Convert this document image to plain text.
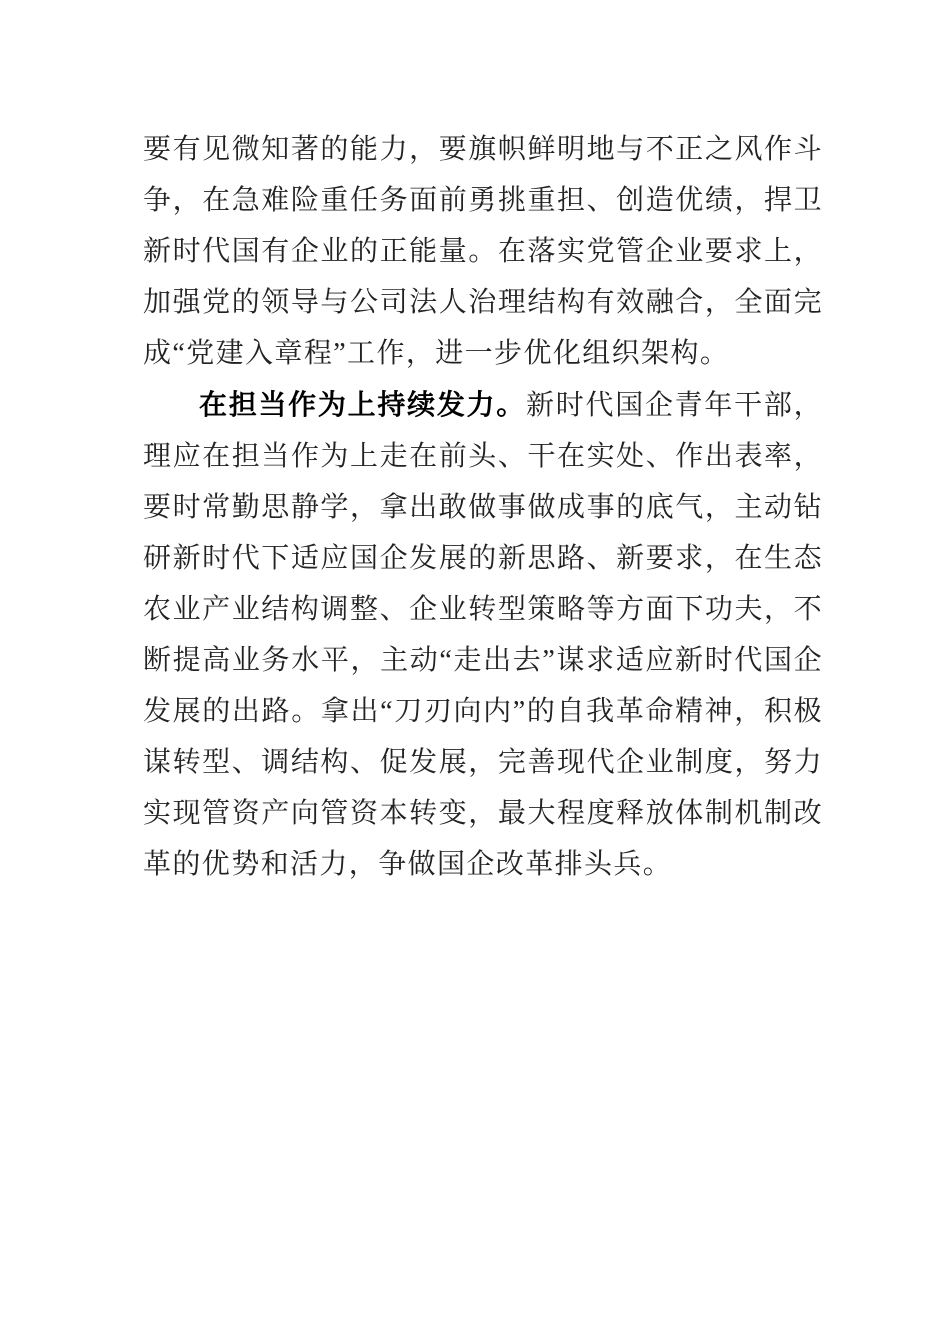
要有见微知著的能力，要旗帜鲜明地与不正之风作斗争，在急难险重任务面前勇挑重担、创造优绩，捍卫新时代国有企业的正能量。在落实党管企业要求上，加强党的领导与公司法人治理结构有效融合，全面完成“党建入章程”工作，进一步优化组织架构。

在担当作为上持续发力。新时代国企青年干部，理应在担当作为上走在前头、干在实处、作出表率，要时常勤思静学，拿出敢做事做成事的底气，主动钻研新时代下适应国企发展的新思路、新要求，在生态农业产业结构调整、企业转型策略等方面下功夫，不断提高业务水平，主动“走出去”谋求适应新时代国企发展的出路。拿出“刀刃向内”的自我革命精神，积极谋转型、调结构、促发展，完善现代企业制度，努力实现管资产向管资本转变，最大程度释放体制机制改革的优势和活力，争做国企改革排头兵。
